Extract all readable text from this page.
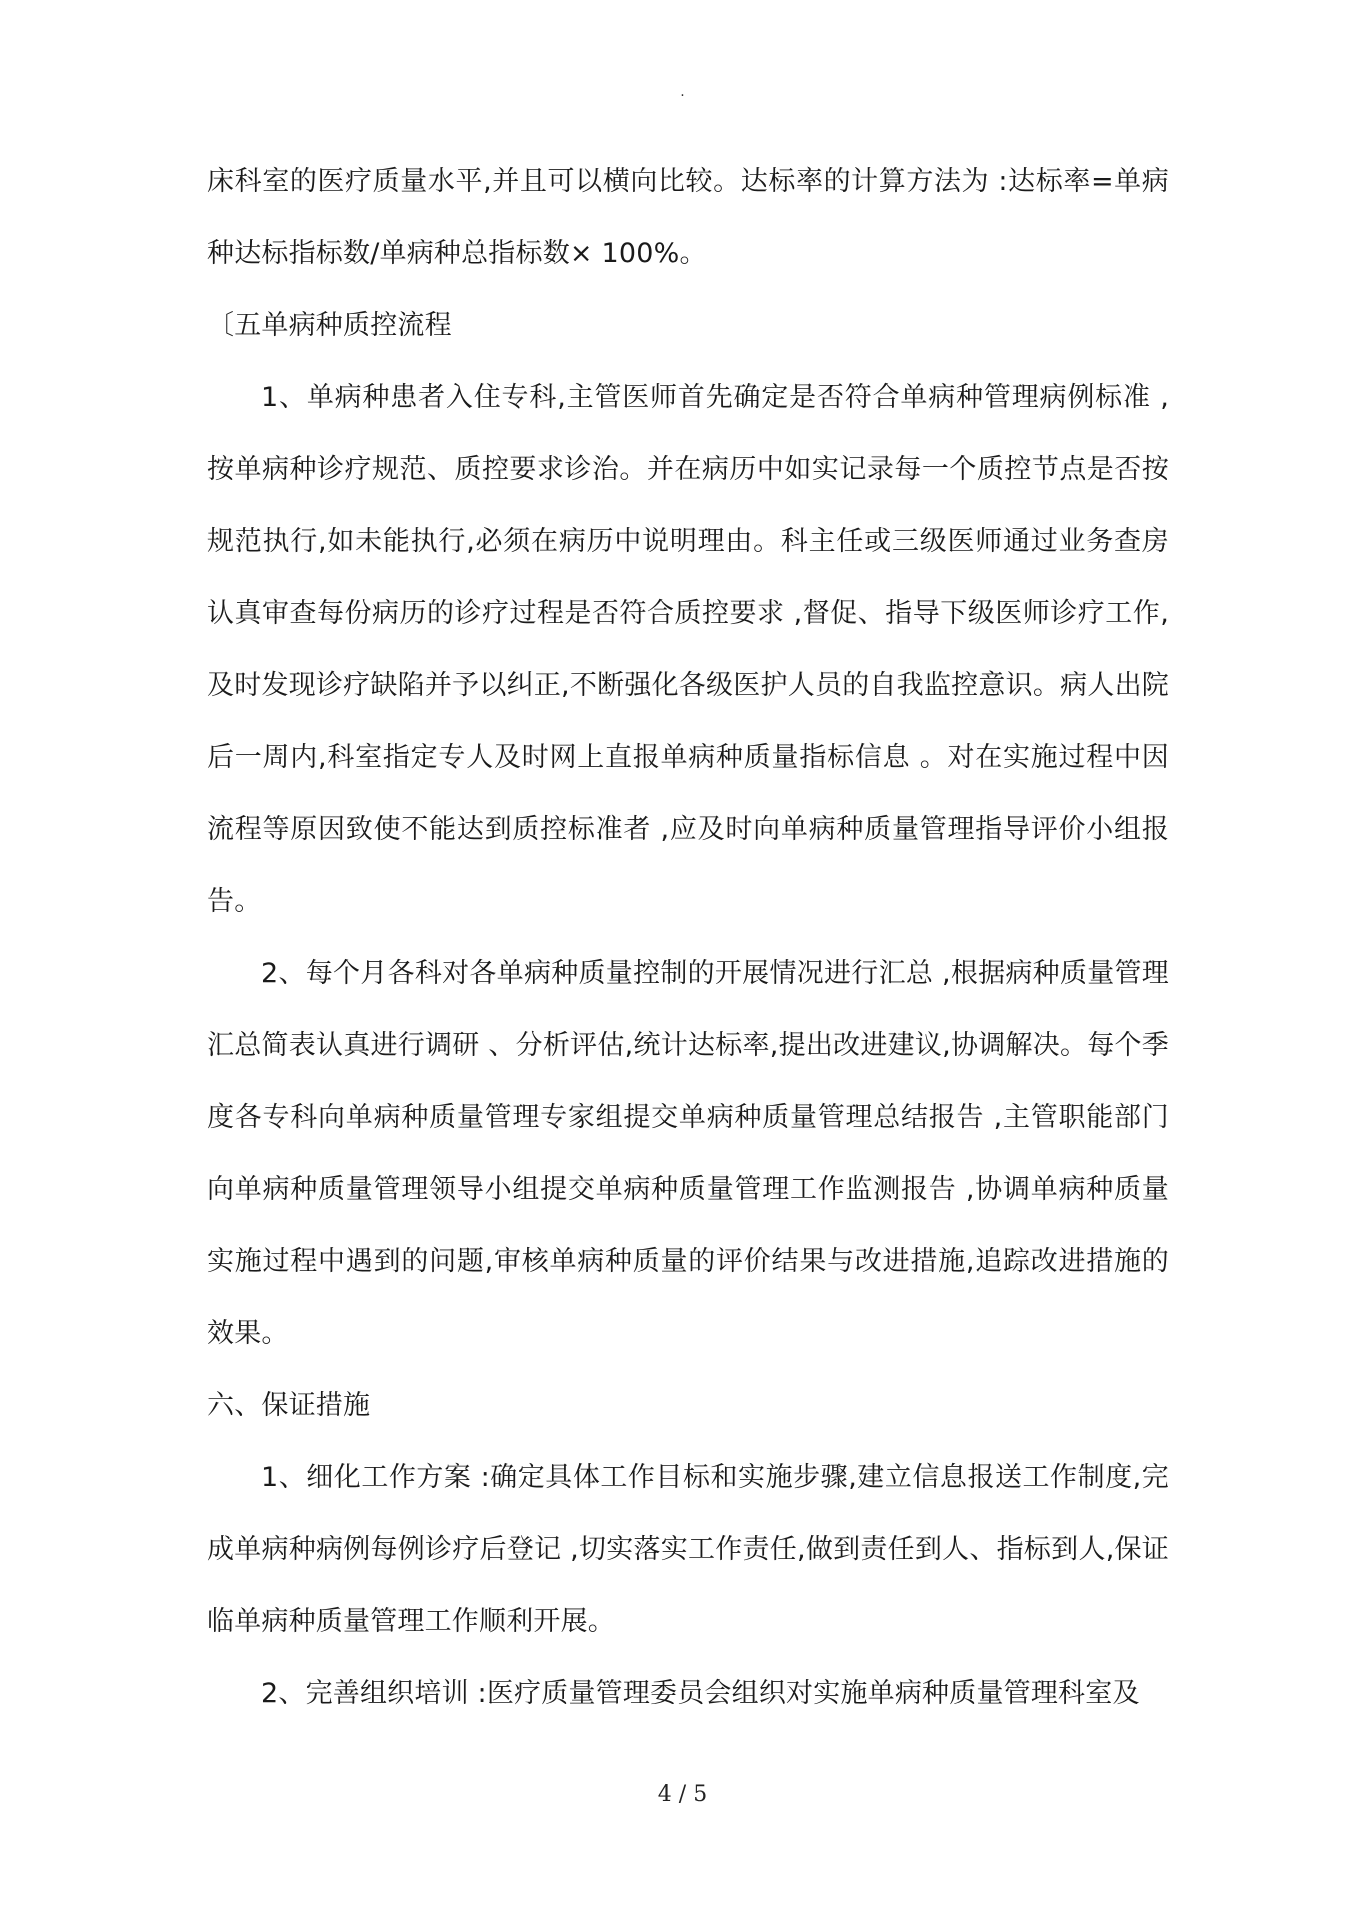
.

床科室的医疗质量水平,并且可以横向比较。达标率的计算方法为 :达标率=单病种达标指标数/单病种总指标数× 100%。

〔五单病种质控流程

1、单病种患者入住专科,主管医师首先确定是否符合单病种管理病例标准 ,按单病种诊疗规范、质控要求诊治。并在病历中如实记录每一个质控节点是否按规范执行,如未能执行,必须在病历中说明理由。科主任或三级医师通过业务查房认真审查每份病历的诊疗过程是否符合质控要求 ,督促、指导下级医师诊疗工作,及时发现诊疗缺陷并予以纠正,不断强化各级医护人员的自我监控意识。病人出院后一周内,科室指定专人及时网上直报单病种质量指标信息 。对在实施过程中因流程等原因致使不能达到质控标准者 ,应及时向单病种质量管理指导评价小组报告。

2、每个月各科对各单病种质量控制的开展情况进行汇总 ,根据病种质量管理汇总简表认真进行调研 、分析评估,统计达标率,提出改进建议,协调解决。每个季度各专科向单病种质量管理专家组提交单病种质量管理总结报告 ,主管职能部门向单病种质量管理领导小组提交单病种质量管理工作监测报告 ,协调单病种质量实施过程中遇到的问题,审核单病种质量的评价结果与改进措施,追踪改进措施的效果。

六、保证措施

1、细化工作方案 :确定具体工作目标和实施步骤,建立信息报送工作制度,完成单病种病例每例诊疗后登记 ,切实落实工作责任,做到责任到人、指标到人,保证临单病种质量管理工作顺利开展。

2、完善组织培训 :医疗质量管理委员会组织对实施单病种质量管理科室及

4 / 5
